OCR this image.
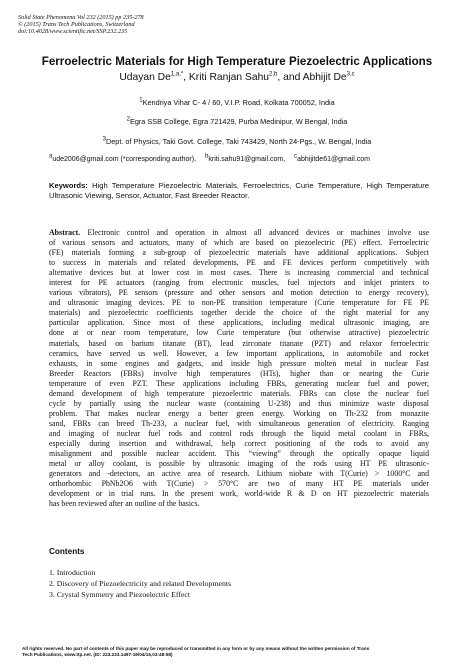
Solid State Phenomena Vol 232 (2015) pp 235-278
© (2015) Trans Tech Publications, Switzerland
doi:10.4028/www.scientific.net/SSP.232.235
Ferroelectric Materials for High Temperature Piezoelectric Applications
Udayan $De^{1,a,*}$, Kriti Ranjan Sahu$^{2,b}$, and Abhijit De$^{3,c}$
$^1$Kendriya Vihar C- 4 / 60, V.I.P. Road, Kolkata 700052, India
$^2$Egra SSB College, Egra 721429, Purba Medinipur, W Bengal, India
$^3$Dept. of Physics, Taki Govt. College, Taki 743429, North 24-Pgs., W. Bengal, India
$^a$ude2006@gmail.com (*corresponding author), $^b$kriti.sahu91@gmail.com, $^c$abhijitde61@gmail.com
Keywords: High Temperature Piezoelectric Materials, Ferroelectrics, Curie Temperature, High Temperature Ultrasonic Viewing, Sensor, Actuator, Fast Breeder Reactor.
Abstract. Electronic control and operation in almost all advanced devices or machines involve use
of various sensors and actuators, many of which are based on piezoelectric (PE) effect. Ferroelectric
(FE) materials forming a sub-group of piezoelectric materials have additional applications. Subject
to success in materials and related developments, PE and FE devices perform competitively with
alternative devices but at lower cost in most cases. There is increasing commercial and technical
interest for PE actuators (ranging from electronic muscles, fuel injectors and inkjet printers to
various vibrators), PE sensors (pressure and other sensors and motion detection to energy recovery),
and ultrasonic imaging devices. PE to non-PE transition temperature (Curie temperature for FE PE
materials) and piezoelectric coefficients together decide the choice of the right material for any
particular application. Since most of these applications, including medical ultrasonic imaging, are
done at or near room temperature, low Curie temperature (but otherwise attractive) piezoelectric
materials, based on barium titanate (BT), lead zirconate titanate (PZT) and relaxor ferroelectric
ceramics, have served us well. However, a few important applications, in automobile and rocket
exhausts, in some engines and gadgets, and inside high pressure molten metal in nuclear Fast
Breeder Reactors (FBRs) involve high temperatures (HTs), higher than or nearing the Curie
temperature of even PZT. These applications including FBRs, generating nuclear fuel and power,
demand development of high temperature piezoelectric materials. FBRs can close the nuclear fuel
cycle by partially using the nuclear waste (containing U-238) and thus minimize waste disposal
problem. That makes nuclear energy a better green energy. Working on Th-232 from monazite
sand, FBRs can breed Th-233, a nuclear fuel, with simultaneous generation of electricity. Ranging
and imaging of nuclear fuel rods and control rods through the liquid metal coolant in FBRs,
especially during insertion and withdrawal, help correct positioning of the rods to avoid any
misalignment and possible nuclear accident. This “viewing” through the optically opaque liquid
metal or alloy coolant, is possible by ultrasonic imaging of the rods using HT PE ultrasonic-
generators and -detectors, an active area of research. Lithium niobate with T(Curie) > 1000°C and
orthorhombic PbNb2O6 with T(Curie) > 570°C are two of many HT PE materials under
development or in trial runs. In the present work, world-wide R & D on HT piezoelectric materials
has been reviewed after an outline of the basics.
Contents
1. Introduction
2. Discovery of Piezoelectricity and related Developments
3. Crystal Symmetry and Piezoelectric Effect
All rights reserved. No part of contents of this paper may be reproduced or transmitted in any form or by any means without the written permission of Trans
Tech Publications, www.ttp.net. (ID: 223.223.1497-19/04/15,03:48:58)
